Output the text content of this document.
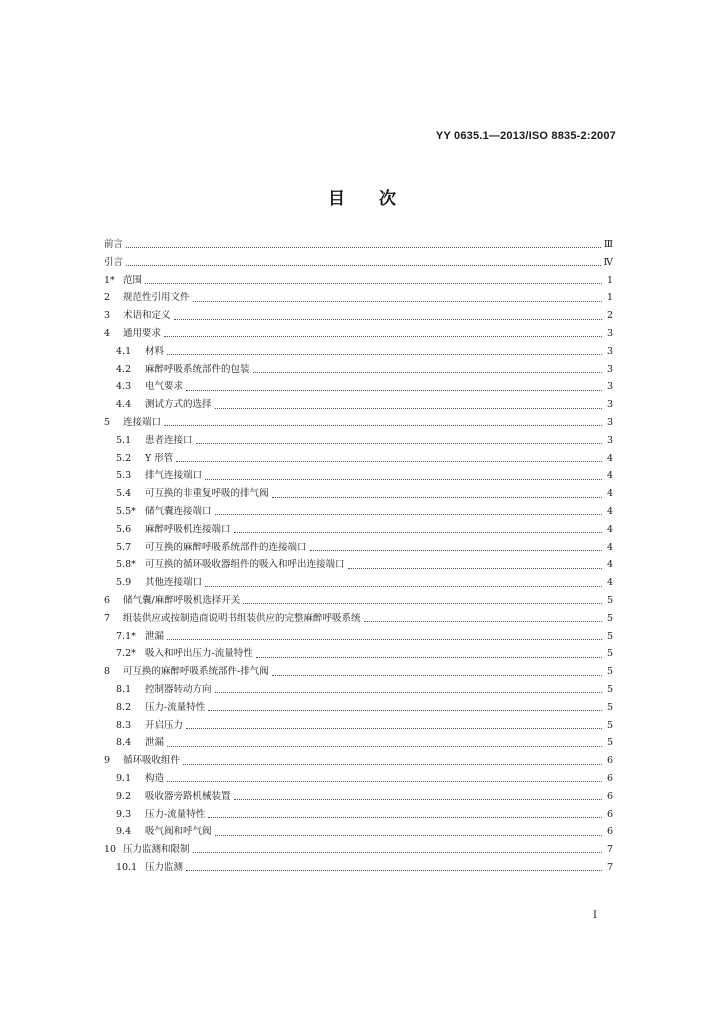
YY 0635.1—2013/ISO 8835-2:2007
目 次
前言	Ⅲ
引言	Ⅳ
1* 范围	1
2	规范性引用文件	1
3	术语和定义	2
4	通用要求	3
4.1	材料	3
4.2	麻醉呼吸系统部件的包装	3
4.3	电气要求	3
4.4	测试方式的选择	3
5	连接端口	3
5.1	患者连接口	3
5.2	Y 形管	4
5.3	排气连接端口	4
5.4	可互换的非重复呼吸的排气阀	4
5.5* 储气囊连接端口	4
5.6	麻醉呼吸机连接端口	4
5.7	可互换的麻醉呼吸系统部件的连接端口	4
5.8* 可互换的循环吸收器组件的吸入和呼出连接端口	4
5.9	其他连接端口	4
6	储气囊/麻醉呼吸机选择开关	5
7	组装供应或按制造商说明书组装供应的完整麻醉呼吸系统	5
7.1* 泄漏	5
7.2* 吸入和呼出压力-流量特性	5
8	可互换的麻醉呼吸系统部件-排气阀	5
8.1	控制器转动方向	5
8.2	压力-流量特性	5
8.3	开启压力	5
8.4	泄漏	5
9	循环吸收组件	6
9.1	构造	6
9.2	吸收器旁路机械装置	6
9.3	压力-流量特性	6
9.4	吸气阀和呼气阀	6
10 压力监测和限制	7
10.1 压力监测	7
I
